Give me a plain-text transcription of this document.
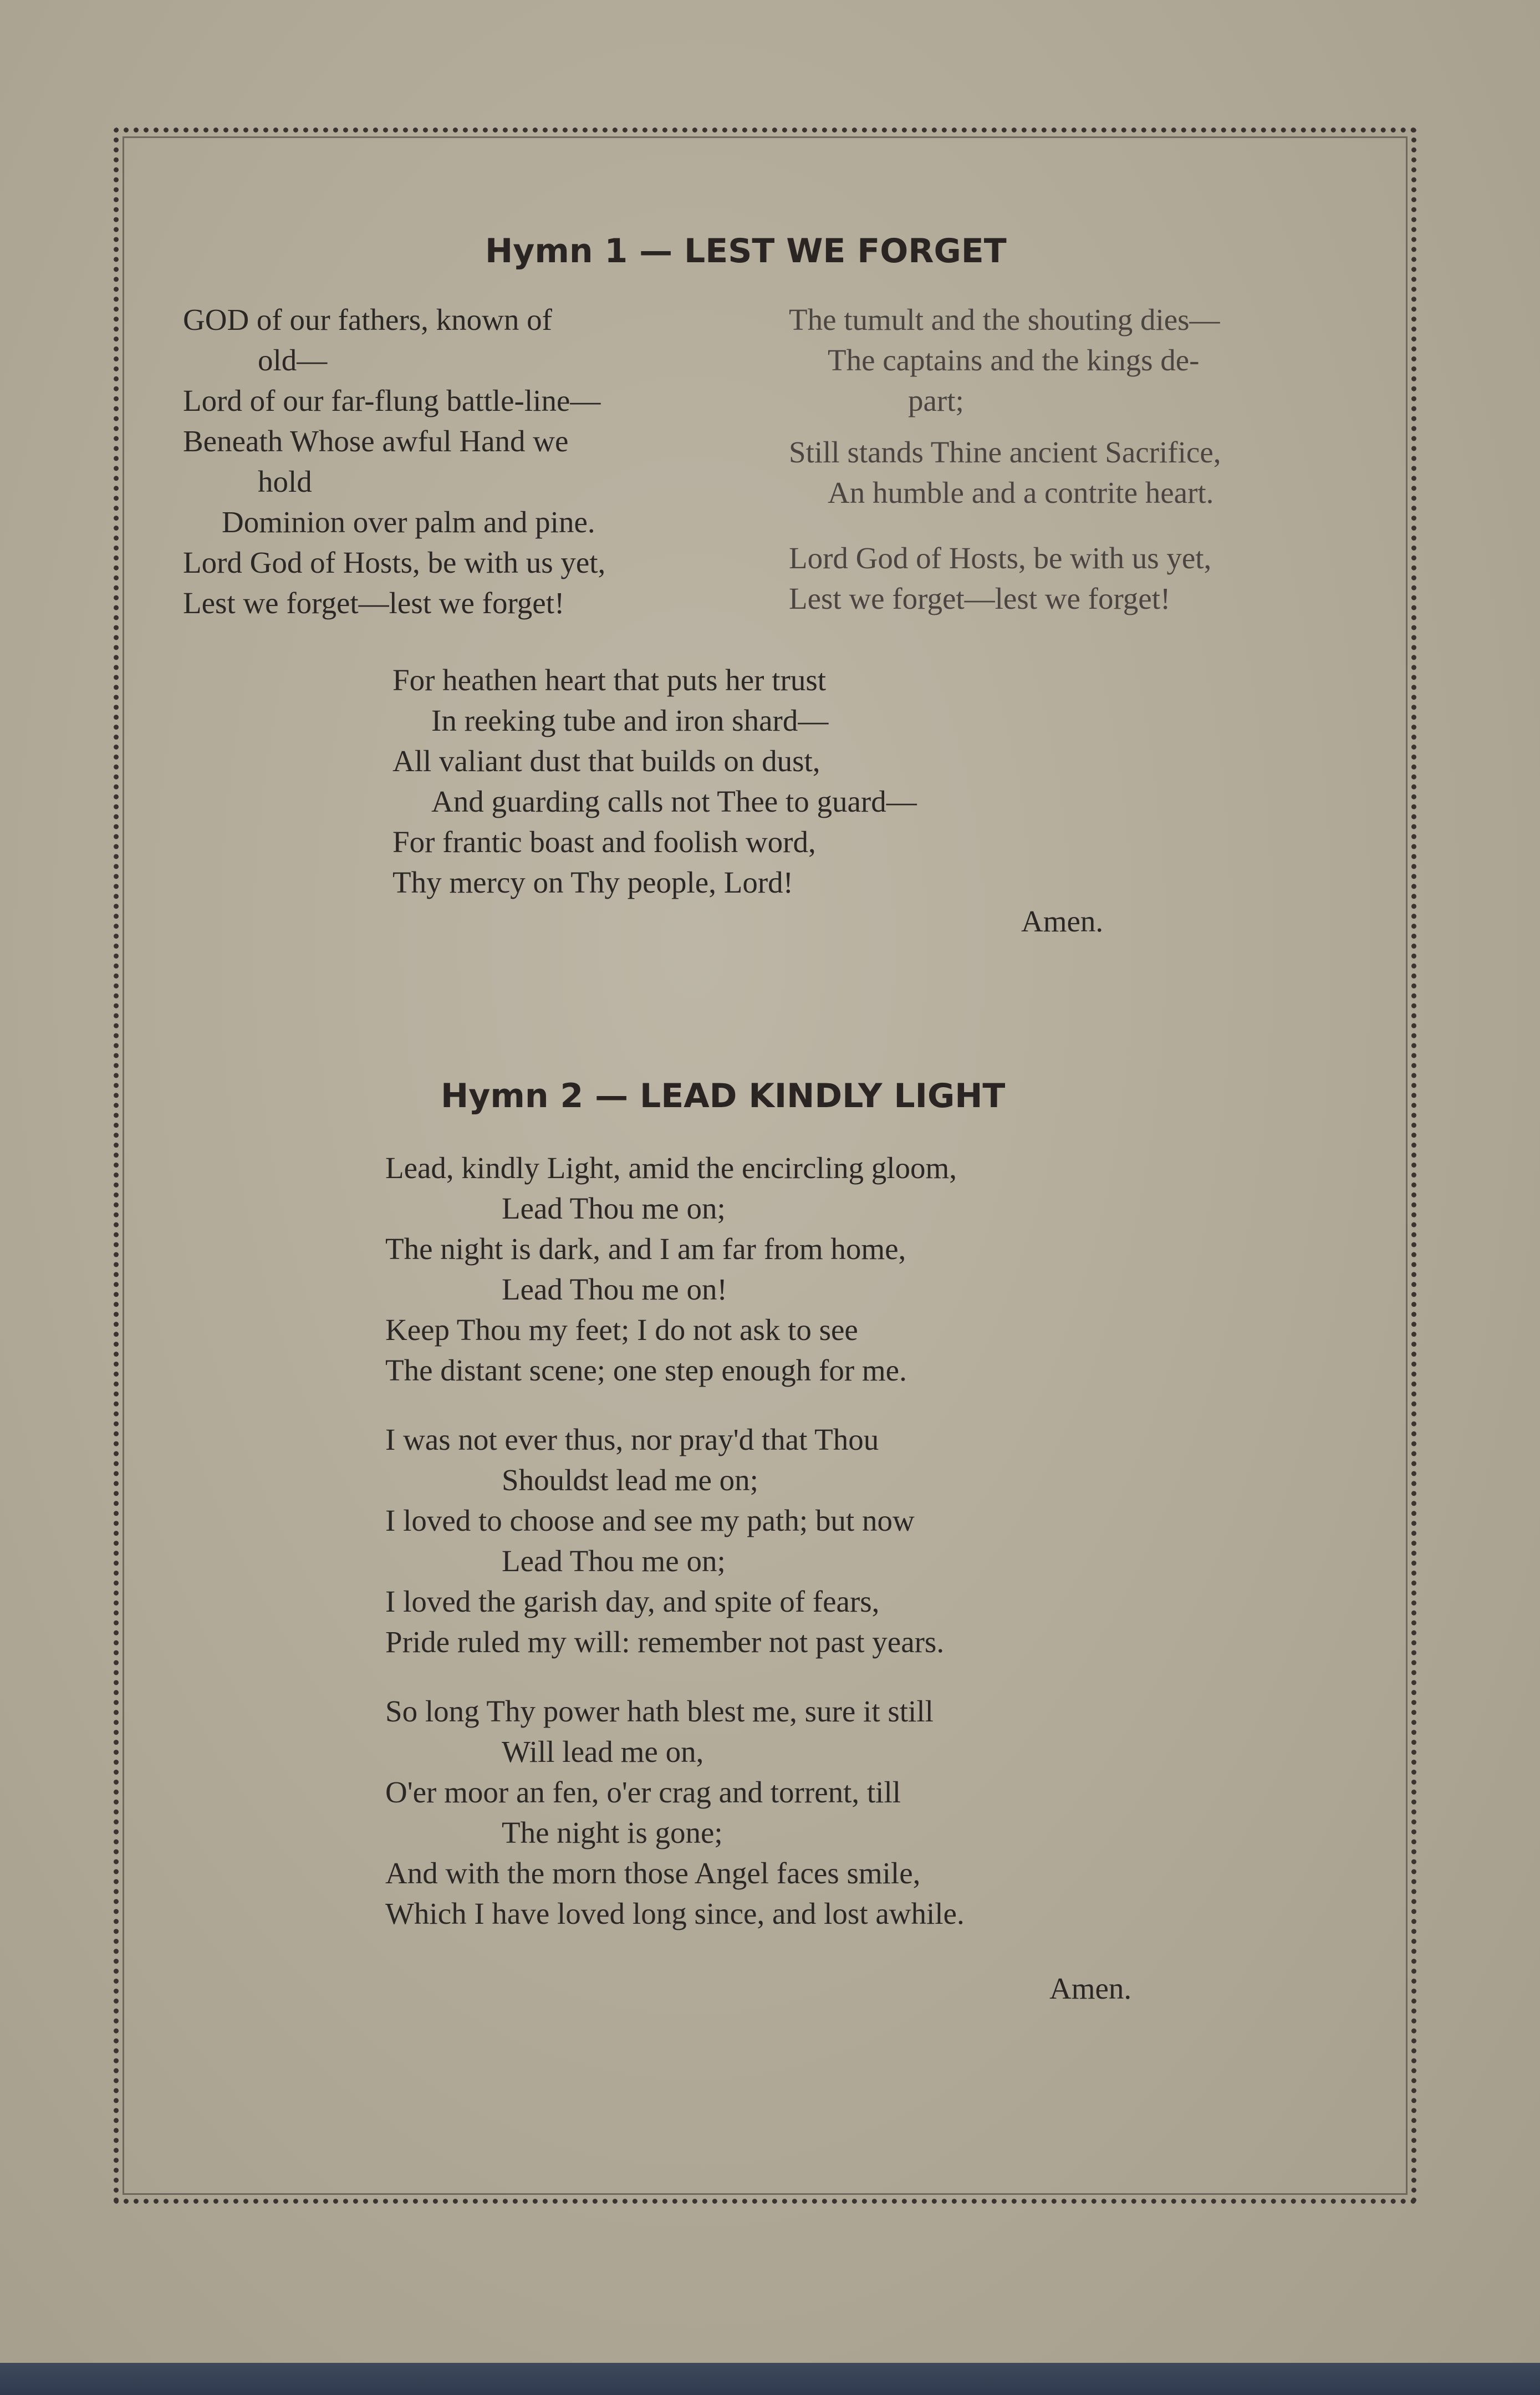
Hymn 1 — LEST WE FORGET
GOD of our fathers, known of
old—
Lord of our far-flung battle-line—
Beneath Whose awful Hand we
hold
Dominion over palm and pine.
Lord God of Hosts, be with us yet,
Lest we forget—lest we forget!
The tumult and the shouting dies—
The captains and the kings de-
part;
Still stands Thine ancient Sacrifice,
An humble and a contrite heart.
Lord God of Hosts, be with us yet,
Lest we forget—lest we forget!
For heathen heart that puts her trust
In reeking tube and iron shard—
All valiant dust that builds on dust,
And guarding calls not Thee to guard—
For frantic boast and foolish word,
Thy mercy on Thy people, Lord!

Amen.

Hymn 2 — LEAD KINDLY LIGHT
Lead, kindly Light, amid the encircling gloom,
Lead Thou me on;
The night is dark, and I am far from home,
Lead Thou me on!
Keep Thou my feet; I do not ask to see
The distant scene; one step enough for me.
I was not ever thus, nor pray'd that Thou
Shouldst lead me on;
I loved to choose and see my path; but now
Lead Thou me on;
I loved the garish day, and spite of fears,
Pride ruled my will: remember not past years.
So long Thy power hath blest me, sure it still
Will lead me on,
O'er moor an fen, o'er crag and torrent, till
The night is gone;
And with the morn those Angel faces smile,
Which I have loved long since, and lost awhile.

Amen.
